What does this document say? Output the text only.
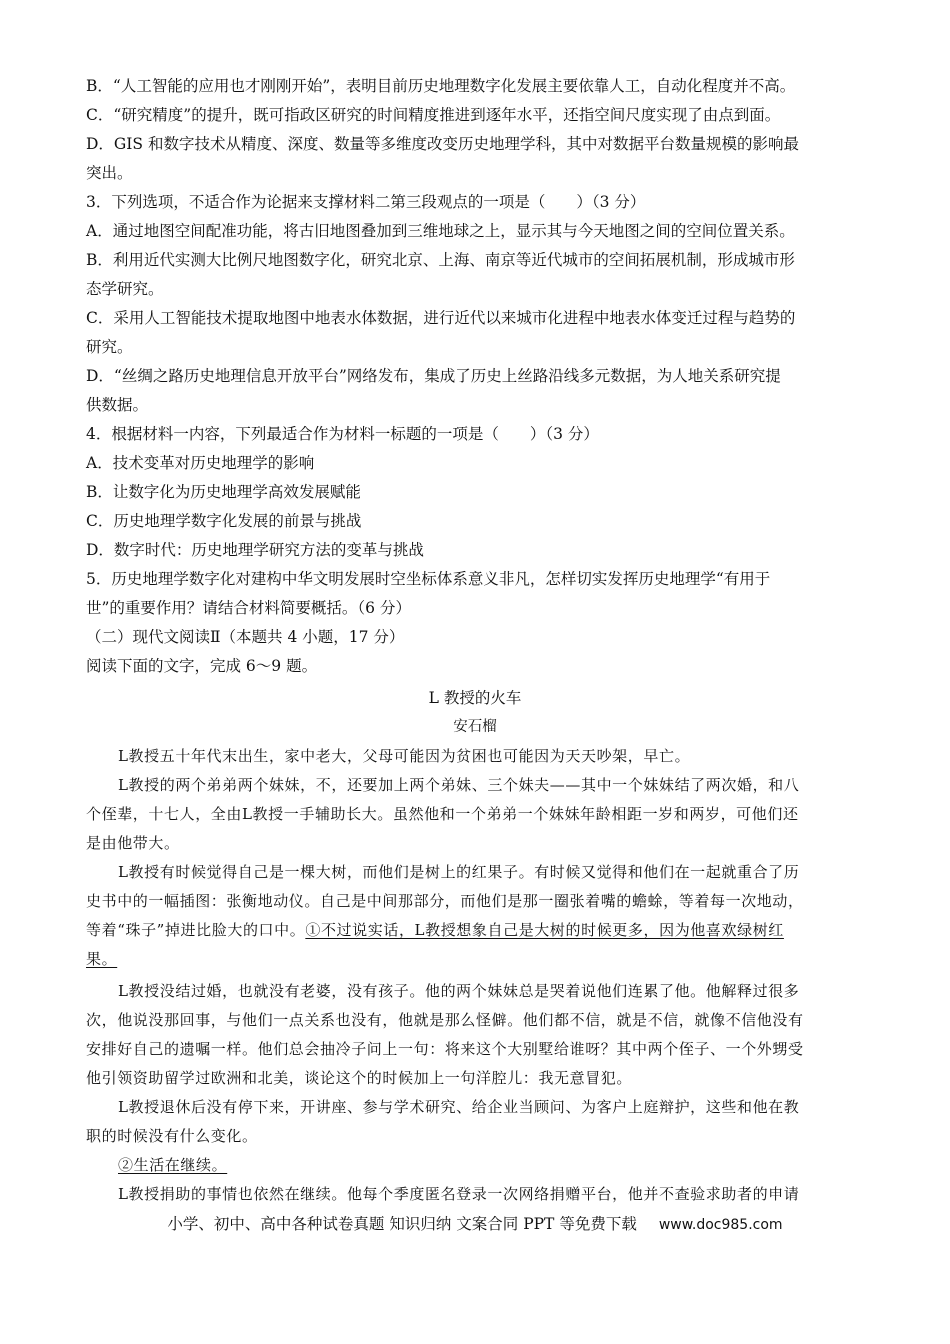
B．“人工智能的应用也才刚刚开始”，表明目前历史地理数字化发展主要依靠人工，自动化程度并不高。
C．“研究精度”的提升，既可指政区研究的时间精度推进到逐年水平，还指空间尺度实现了由点到面。
D．GIS 和数字技术从精度、深度、数量等多维度改变历史地理学科，其中对数据平台数量规模的影响最
突出。
3．下列选项，不适合作为论据来支撑材料二第三段观点的一项是（　　）（3 分）
A．通过地图空间配准功能，将古旧地图叠加到三维地球之上，显示其与今天地图之间的空间位置关系。
B．利用近代实测大比例尺地图数字化，研究北京、上海、南京等近代城市的空间拓展机制，形成城市形
态学研究。
C．采用人工智能技术提取地图中地表水体数据，进行近代以来城市化进程中地表水体变迁过程与趋势的
研究。
D．“丝绸之路历史地理信息开放平台”网络发布，集成了历史上丝路沿线多元数据，为人地关系研究提
供数据。
4．根据材料一内容，下列最适合作为材料一标题的一项是（　　）（3 分）
A．技术变革对历史地理学的影响
B．让数字化为历史地理学高效发展赋能
C．历史地理学数字化发展的前景与挑战
D．数字时代：历史地理学研究方法的变革与挑战
5．历史地理学数字化对建构中华文明发展时空坐标体系意义非凡，怎样切实发挥历史地理学“有用于
世”的重要作用？请结合材料简要概括。（6 分）
（二）现代文阅读Ⅱ（本题共 4 小题，17 分）
阅读下面的文字，完成 6～9 题。
L 教授的火车
安石榴
L教授五十年代末出生，家中老大，父母可能因为贫困也可能因为天天吵架，早亡。
L教授的两个弟弟两个妹妹，不，还要加上两个弟妹、三个妹夫——其中一个妹妹结了两次婚，和八
个侄辈，十七人，全由L教授一手辅助长大。虽然他和一个弟弟一个妹妹年龄相距一岁和两岁，可他们还
是由他带大。
L教授有时候觉得自己是一棵大树，而他们是树上的红果子。有时候又觉得和他们在一起就重合了历
史书中的一幅插图：张衡地动仪。自己是中间那部分，而他们是那一圈张着嘴的蟾蜍，等着每一次地动，
等着“珠子”掉进比脸大的口中。①不过说实话，L教授想象自己是大树的时候更多，因为他喜欢绿树红
果。
L教授没结过婚，也就没有老婆，没有孩子。他的两个妹妹总是哭着说他们连累了他。他解释过很多
次，他说没那回事，与他们一点关系也没有，他就是那么怪僻。他们都不信，就是不信，就像不信他没有
安排好自己的遗嘱一样。他们总会抽冷子问上一句：将来这个大别墅给谁呀？其中两个侄子、一个外甥受
他引领资助留学过欧洲和北美，谈论这个的时候加上一句洋腔儿：我无意冒犯。
L教授退休后没有停下来，开讲座、参与学术研究、给企业当顾问、为客户上庭辩护，这些和他在教
职的时候没有什么变化。
②生活在继续。
L教授捐助的事情也依然在继续。他每个季度匿名登录一次网络捐赠平台，他并不查验求助者的申请
小学、初中、高中各种试卷真题 知识归纳 文案合同 PPT 等免费下载 www.doc985.com
